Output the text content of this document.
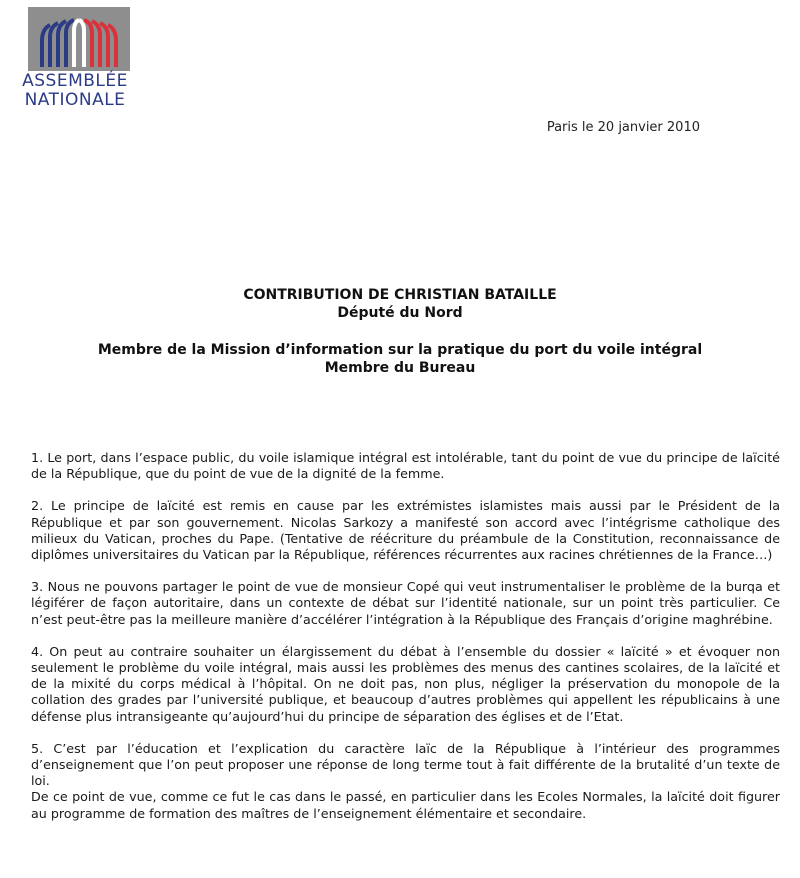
ASSEMBLÉE
NATIONALE
Paris le 20 janvier 2010
CONTRIBUTION DE CHRISTIAN BATAILLE
Député du Nord
Membre de la Mission d’information sur la pratique du port du voile intégral
Membre du Bureau

1. Le port, dans l’espace public, du voile islamique intégral est intolérable, tant du point de vue du principe de laïcité de la République, que du point de vue de la dignité de la femme.

2. Le principe de laïcité est remis en cause par les extrémistes islamistes mais aussi par le Président de la République et par son gouvernement. Nicolas Sarkozy a manifesté son accord avec l’intégrisme catholique des milieux du Vatican, proches du Pape. (Tentative de réécriture du préambule de la Constitution, reconnaissance de diplômes universitaires du Vatican par la République, références récurrentes aux racines chrétiennes de la France…)

3. Nous ne pouvons partager le point de vue de monsieur Copé qui veut instrumentaliser le problème de la burqa et légiférer de façon autoritaire, dans un contexte de débat sur l’identité nationale, sur un point très particulier. Ce n’est peut-être pas la meilleure manière d’accélérer l’intégration à la République des Français d’origine maghrébine.

4. On peut au contraire souhaiter un élargissement du débat à l’ensemble du dossier « laïcité » et évoquer non seulement le problème du voile intégral, mais aussi les problèmes des menus des cantines scolaires, de la laïcité et de la mixité du corps médical à l’hôpital. On ne doit pas, non plus, négliger la préservation du monopole de la collation des grades par l’université publique, et beaucoup d’autres problèmes qui appellent les républicains à une défense plus intransigeante qu’aujourd’hui du principe de séparation des églises et de l’Etat.

5. C’est par l’éducation et l’explication du caractère laïc de la République à l’intérieur des programmes d’enseignement que l’on peut proposer une réponse de long terme tout à fait différente de la brutalité d’un texte de loi.

De ce point de vue, comme ce fut le cas dans le passé, en particulier dans les Ecoles Normales, la laïcité doit figurer au programme de formation des maîtres de l’enseignement élémentaire et secondaire.
